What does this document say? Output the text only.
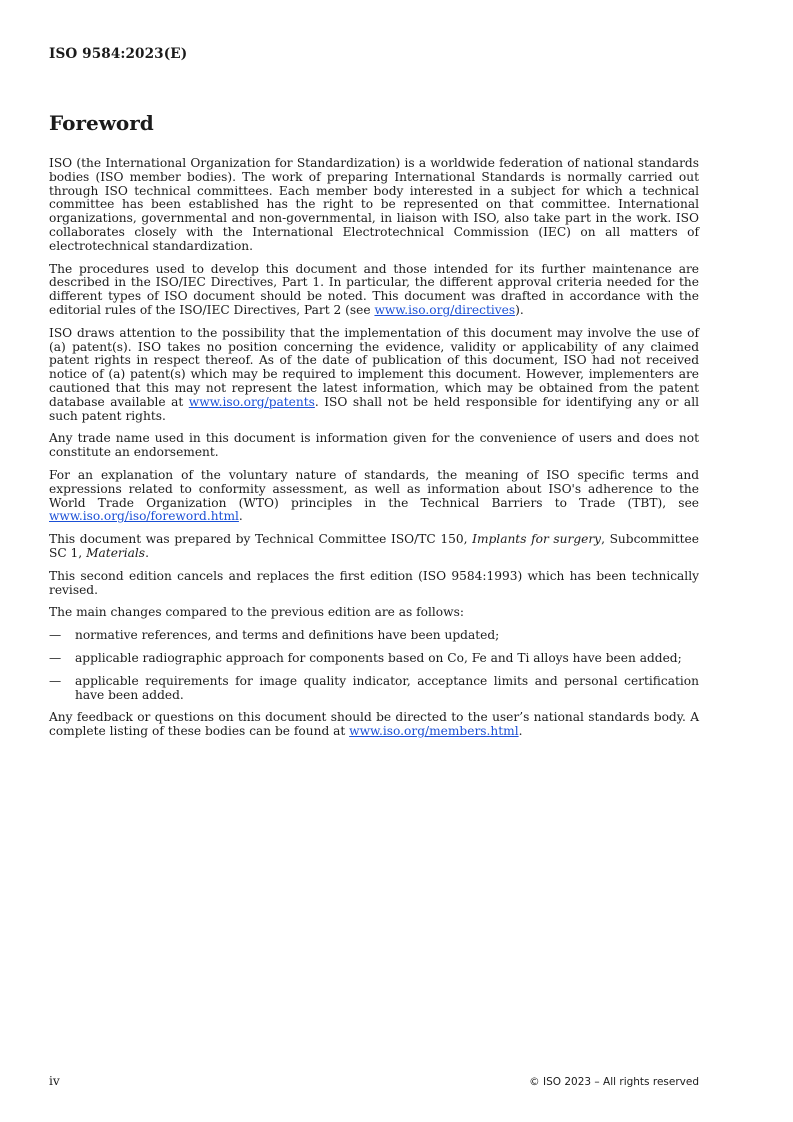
ISO 9584:2023(E)
Foreword

ISO (the International Organization for Standardization) is a worldwide federation of national standards bodies (ISO member bodies). The work of preparing International Standards is normally carried out through ISO technical committees. Each member body interested in a subject for which a technical committee has been established has the right to be represented on that committee. International organizations, governmental and non-governmental, in liaison with ISO, also take part in the work. ISO collaborates closely with the International Electrotechnical Commission (IEC) on all matters of electrotechnical standardization.

The procedures used to develop this document and those intended for its further maintenance are described in the ISO/IEC Directives, Part 1. In particular, the different approval criteria needed for the different types of ISO document should be noted. This document was drafted in accordance with the editorial rules of the ISO/IEC Directives, Part 2 (see www.iso.org/directives).

ISO draws attention to the possibility that the implementation of this document may involve the use of (a) patent(s). ISO takes no position concerning the evidence, validity or applicability of any claimed patent rights in respect thereof. As of the date of publication of this document, ISO had not received notice of (a) patent(s) which may be required to implement this document. However, implementers are cautioned that this may not represent the latest information, which may be obtained from the patent database available at www.iso.org/patents. ISO shall not be held responsible for identifying any or all such patent rights.

Any trade name used in this document is information given for the convenience of users and does not constitute an endorsement.

For an explanation of the voluntary nature of standards, the meaning of ISO specific terms and expressions related to conformity assessment, as well as information about ISO's adherence to the World Trade Organization (WTO) principles in the Technical Barriers to Trade (TBT), see www.iso.org/iso/foreword.html.

This document was prepared by Technical Committee ISO/TC 150, Implants for surgery, Subcommittee SC 1, Materials.

This second edition cancels and replaces the first edition (ISO 9584:1993) which has been technically revised.

The main changes compared to the previous edition are as follows:

—	normative references, and terms and definitions have been updated;
—	applicable radiographic approach for components based on Co, Fe and Ti alloys have been added;
—	applicable requirements for image quality indicator, acceptance limits and personal certification have been added.

Any feedback or questions on this document should be directed to the user’s national standards body. A complete listing of these bodies can be found at www.iso.org/members.html.

iv	© ISO 2023 – All rights reserved
